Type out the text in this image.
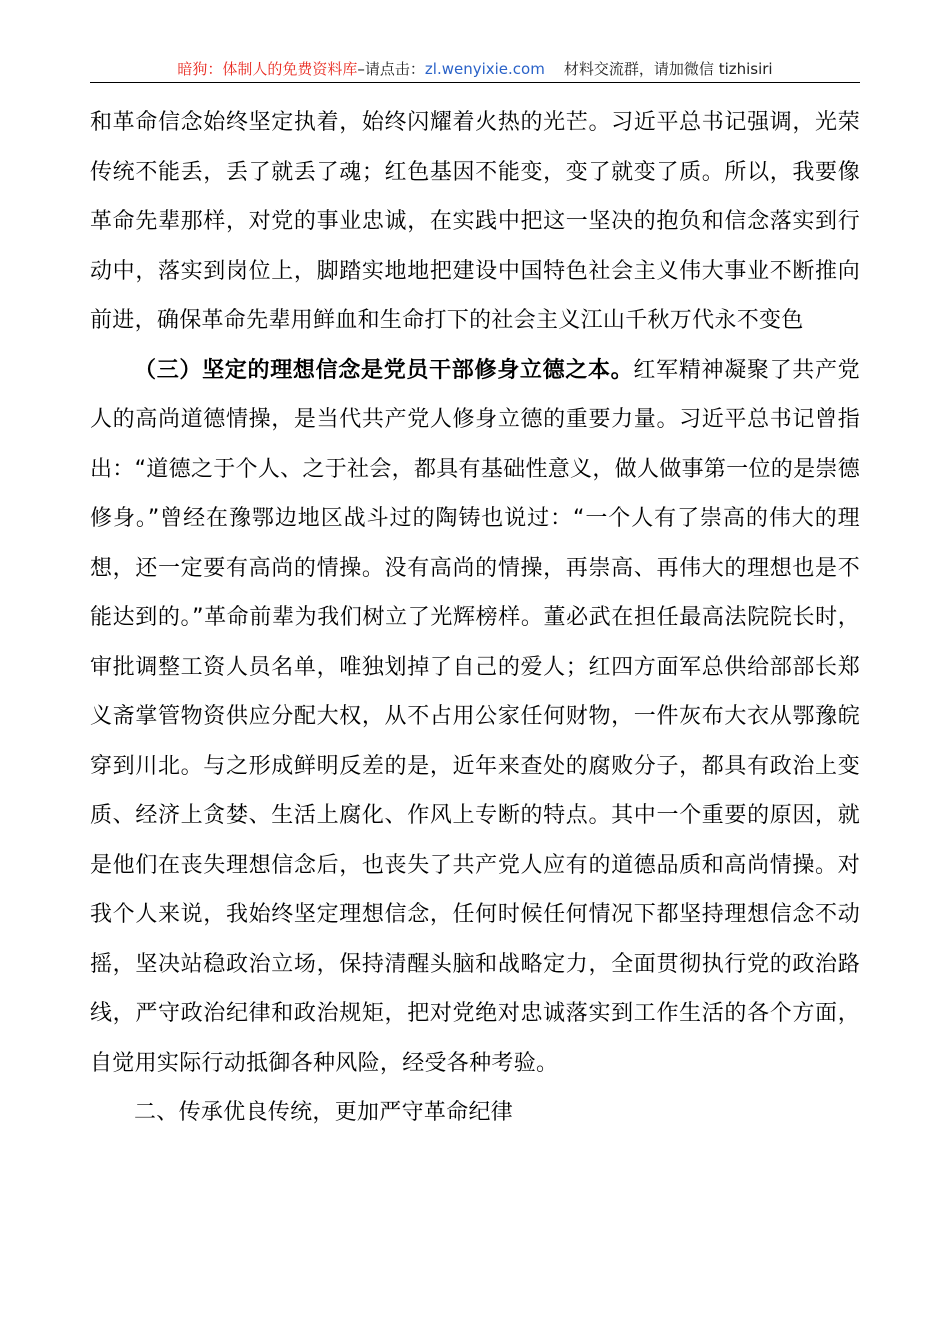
暗狗：体制人的免费资料库–请点击：zl.wenyixie.com 材料交流群，请加微信 tizhisiri

和革命信念始终坚定执着，始终闪耀着火热的光芒。习近平总书记强调，光荣传统不能丢，丢了就丢了魂；红色基因不能变，变了就变了质。所以，我要像革命先辈那样，对党的事业忠诚，在实践中把这一坚决的抱负和信念落实到行动中，落实到岗位上，脚踏实地地把建设中国特色社会主义伟大事业不断推向前进，确保革命先辈用鲜血和生命打下的社会主义江山千秋万代永不变色

（三）坚定的理想信念是党员干部修身立德之本。红军精神凝聚了共产党人的高尚道德情操，是当代共产党人修身立德的重要力量。习近平总书记曾指出：“道德之于个人、之于社会，都具有基础性意义，做人做事第一位的是崇德修身。”曾经在豫鄂边地区战斗过的陶铸也说过：“一个人有了崇高的伟大的理想，还一定要有高尚的情操。没有高尚的情操，再崇高、再伟大的理想也是不能达到的。”革命前辈为我们树立了光辉榜样。董必武在担任最高法院院长时，审批调整工资人员名单，唯独划掉了自己的爱人；红四方面军总供给部部长郑义斋掌管物资供应分配大权，从不占用公家任何财物，一件灰布大衣从鄂豫皖穿到川北。与之形成鲜明反差的是，近年来查处的腐败分子，都具有政治上变质、经济上贪婪、生活上腐化、作风上专断的特点。其中一个重要的原因，就是他们在丧失理想信念后，也丧失了共产党人应有的道德品质和高尚情操。对我个人来说，我始终坚定理想信念，任何时候任何情况下都坚持理想信念不动摇，坚决站稳政治立场，保持清醒头脑和战略定力，全面贯彻执行党的政治路线，严守政治纪律和政治规矩，把对党绝对忠诚落实到工作生活的各个方面，自觉用实际行动抵御各种风险，经受各种考验。

二、传承优良传统，更加严守革命纪律
